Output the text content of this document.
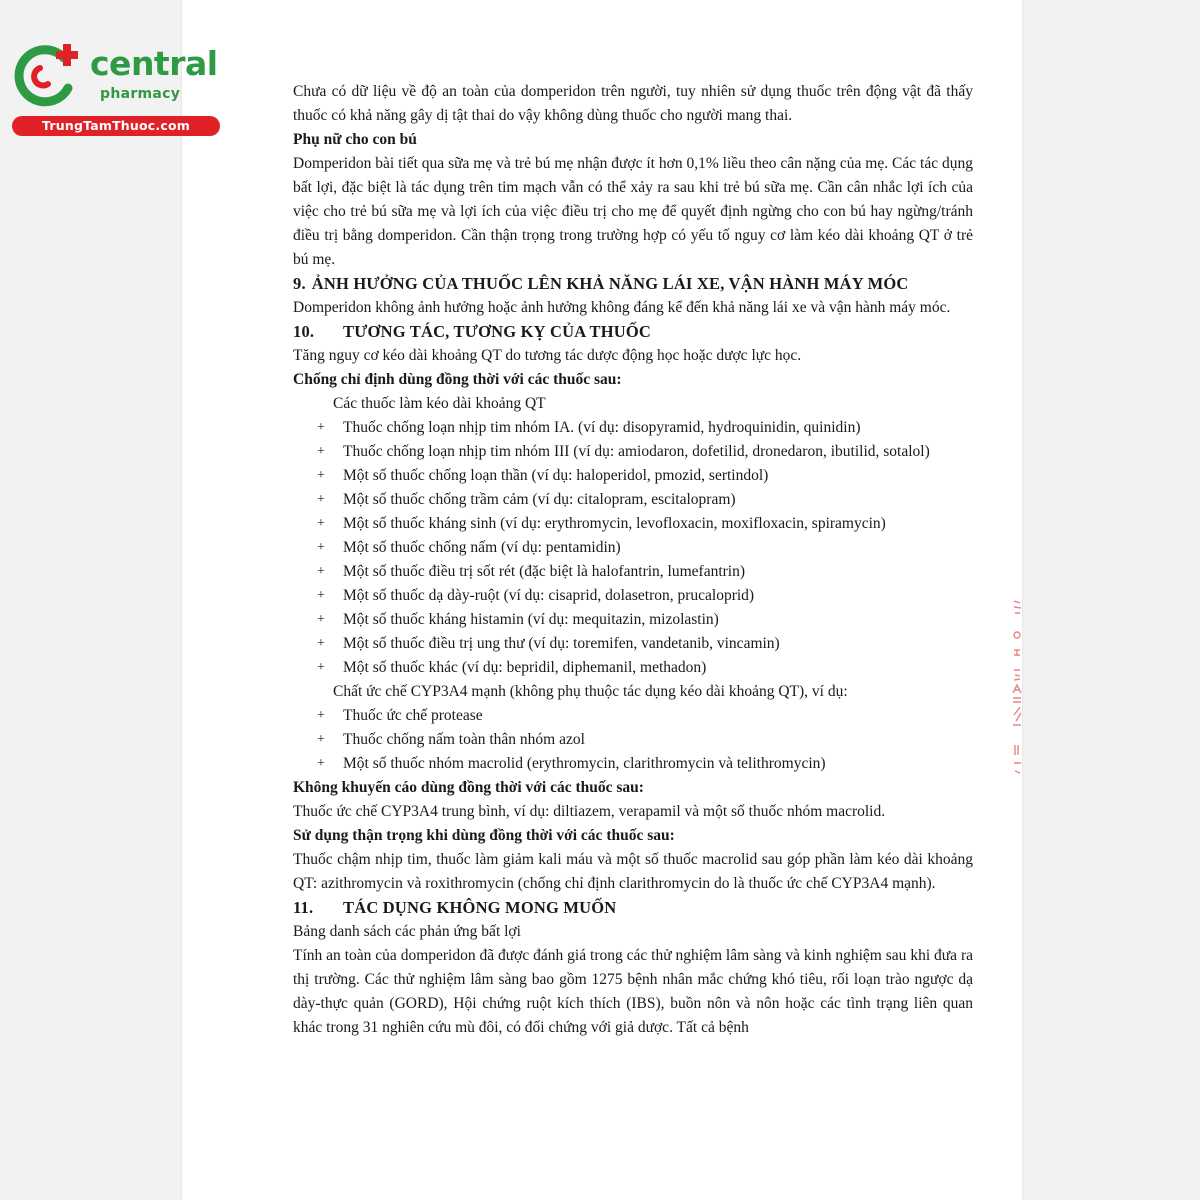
central
pharmacy
TrungTamThuoc.com

Chưa có dữ liệu về độ an toàn của domperidon trên người, tuy nhiên sử dụng thuốc trên động vật đã thấy thuốc có khả năng gây dị tật thai do vậy không dùng thuốc cho người mang thai.

Phụ nữ cho con bú

Domperidon bài tiết qua sữa mẹ và trẻ bú mẹ nhận được ít hơn 0,1% liều theo cân nặng của mẹ. Các tác dụng bất lợi, đặc biệt là tác dụng trên tim mạch vẫn có thể xảy ra sau khi trẻ bú sữa mẹ. Cần cân nhắc lợi ích của việc cho trẻ bú sữa mẹ và lợi ích của việc điều trị cho mẹ để quyết định ngừng cho con bú hay ngừng/tránh điều trị bằng domperidon. Cần thận trọng trong trường hợp có yếu tố nguy cơ làm kéo dài khoảng QT ở trẻ bú mẹ.

9. ẢNH HƯỞNG CỦA THUỐC LÊN KHẢ NĂNG LÁI XE, VẬN HÀNH MÁY MÓC

Domperidon không ảnh hưởng hoặc ảnh hưởng không đáng kể đến khả năng lái xe và vận hành máy móc.

10. TƯƠNG TÁC, TƯƠNG KỴ CỦA THUỐC

Tăng nguy cơ kéo dài khoảng QT do tương tác dược động học hoặc dược lực học.

Chống chỉ định dùng đồng thời với các thuốc sau:

Các thuốc làm kéo dài khoảng QT

+ Thuốc chống loạn nhịp tim nhóm IA. (ví dụ: disopyramid, hydroquinidin, quinidin)
+ Thuốc chống loạn nhịp tim nhóm III (ví dụ: amiodaron, dofetilid, dronedaron, ibutilid, sotalol)
+ Một số thuốc chống loạn thần (ví dụ: haloperidol, pmozid, sertindol)
+ Một số thuốc chống trầm cảm (ví dụ: citalopram, escitalopram)
+ Một số thuốc kháng sinh (ví dụ: erythromycin, levofloxacin, moxifloxacin, spiramycin)
+ Một số thuốc chống nấm (ví dụ: pentamidin)
+ Một số thuốc điều trị sốt rét (đặc biệt là halofantrin, lumefantrin)
+ Một số thuốc dạ dày-ruột (ví dụ: cisaprid, dolasetron, prucaloprid)
+ Một số thuốc kháng histamin (ví dụ: mequitazin, mizolastin)
+ Một số thuốc điều trị ung thư (ví dụ: toremifen, vandetanib, vincamin)
+ Một số thuốc khác (ví dụ: bepridil, diphemanil, methadon)

Chất ức chế CYP3A4 mạnh (không phụ thuộc tác dụng kéo dài khoảng QT), ví dụ:

+ Thuốc ức chế protease
+ Thuốc chống nấm toàn thân nhóm azol
+ Một số thuốc nhóm macrolid (erythromycin, clarithromycin và telithromycin)

Không khuyến cáo dùng đồng thời với các thuốc sau:

Thuốc ức chế CYP3A4 trung bình, ví dụ: diltiazem, verapamil và một số thuốc nhóm macrolid.

Sử dụng thận trọng khi dùng đồng thời với các thuốc sau:

Thuốc chậm nhịp tim, thuốc làm giảm kali máu và một số thuốc macrolid sau góp phần làm kéo dài khoảng QT: azithromycin và roxithromycin (chống chỉ định clarithromycin do là thuốc ức chế CYP3A4 mạnh).

11. TÁC DỤNG KHÔNG MONG MUỐN

Bảng danh sách các phản ứng bất lợi

Tính an toàn của domperidon đã được đánh giá trong các thử nghiệm lâm sàng và kinh nghiệm sau khi đưa ra thị trường. Các thử nghiệm lâm sàng bao gồm 1275 bệnh nhân mắc chứng khó tiêu, rối loạn trào ngược dạ dày-thực quản (GORD), Hội chứng ruột kích thích (IBS), buồn nôn và nôn hoặc các tình trạng liên quan khác trong 31 nghiên cứu mù đôi, có đối chứng với giả dược. Tất cả bệnh
